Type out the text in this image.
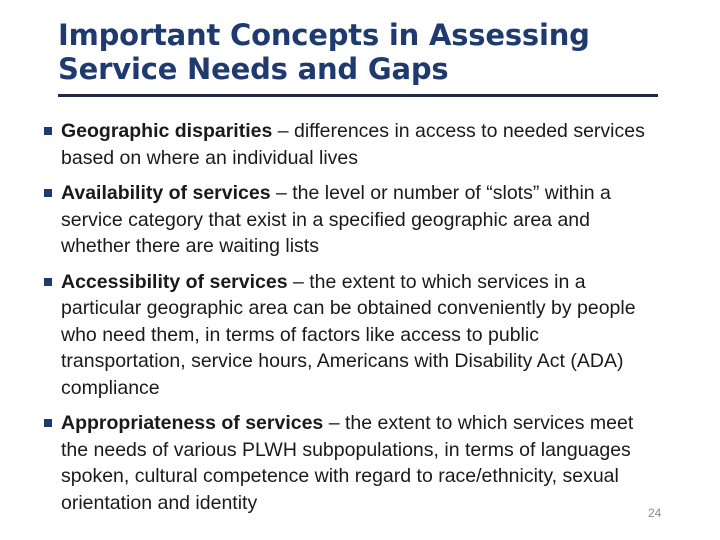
Important Concepts in Assessing
Service Needs and Gaps
Geographic disparities – differences in access to needed services based on where an individual lives
Availability of services – the level or number of “slots” within a service category that exist in a specified geographic area and whether there are waiting lists
Accessibility of services – the extent to which services in a particular geographic area can be obtained conveniently by people who need them, in terms of factors like access to public transportation, service hours, Americans with Disability Act (ADA) compliance
Appropriateness of services – the extent to which services meet the needs of various PLWH subpopulations, in terms of languages spoken, cultural competence with regard to race/ethnicity, sexual orientation and identity	24
